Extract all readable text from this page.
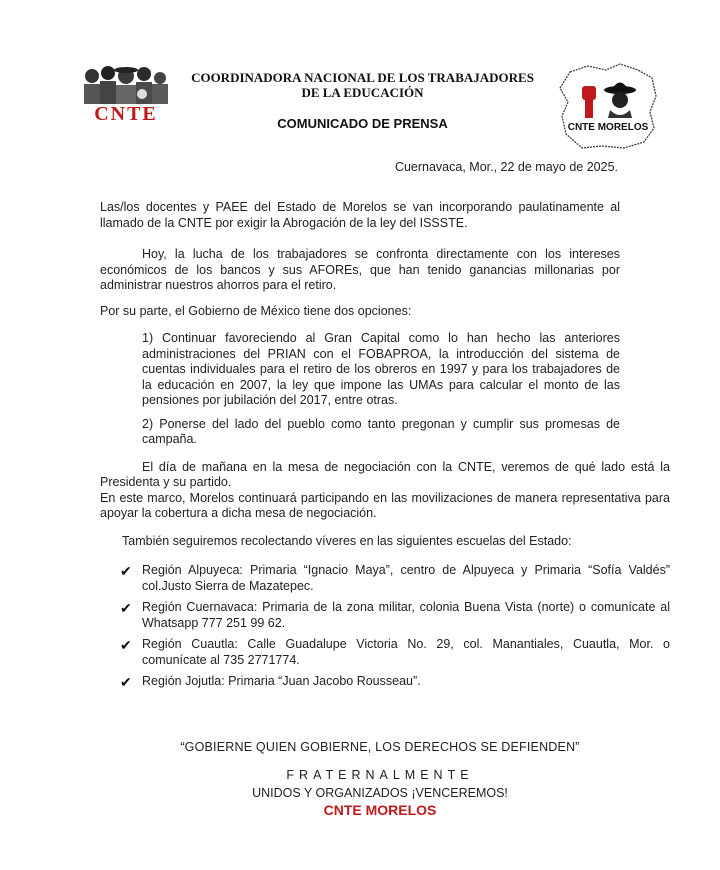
CNTE
COORDINADORA NACIONAL DE LOS TRABAJADORES
DE LA EDUCACIÓN
COMUNICADO DE PRENSA	CNTE MORELOS
Cuernavaca, Mor., 22 de mayo de 2025.

Las/los docentes y PAEE del Estado de Morelos se van incorporando paulatinamente al llamado de la CNTE por exigir la Abrogación de la ley del ISSSTE.

Hoy, la lucha de los trabajadores se confronta directamente con los intereses económicos de los bancos y sus AFOREs, que han tenido ganancias millonarias por administrar nuestros ahorros para el retiro.

Por su parte, el Gobierno de México tiene dos opciones:

1) Continuar favoreciendo al Gran Capital como lo han hecho las anteriores administraciones del PRIAN con el FOBAPROA, la introducción del sistema de cuentas individuales para el retiro de los obreros en 1997 y para los trabajadores de la educación en 2007, la ley que impone las UMAs para calcular el monto de las pensiones por jubilación del 2017, entre otras.

2) Ponerse del lado del pueblo como tanto pregonan y cumplir sus promesas de campaña.

El día de mañana en la mesa de negociación con la CNTE, veremos de qué lado está la Presidenta y su partido.

En este marco, Morelos continuará participando en las movilizaciones de manera representativa para apoyar la cobertura a dicha mesa de negociación.

También seguiremos recolectando víveres en las siguientes escuelas del Estado:

✔ Región Alpuyeca: Primaria “Ignacio Maya”, centro de Alpuyeca y Primaria “Sofía Valdés” col.Justo Sierra de Mazatepec.
✔ Región Cuernavaca: Primaria de la zona militar, colonia Buena Vista (norte) o comunícate al Whatsapp 777 251 99 62.
✔ Región Cuautla: Calle Guadalupe Victoria No. 29, col. Manantiales, Cuautla, Mor. o comunícate al 735 2771774.
✔ Región Jojutla: Primaria “Juan Jacobo Rousseau”.
“GOBIERNE QUIEN GOBIERNE, LOS DERECHOS SE DEFIENDEN”
FRATERNALMENTE
UNIDOS Y ORGANIZADOS ¡VENCEREMOS!
CNTE MORELOS
